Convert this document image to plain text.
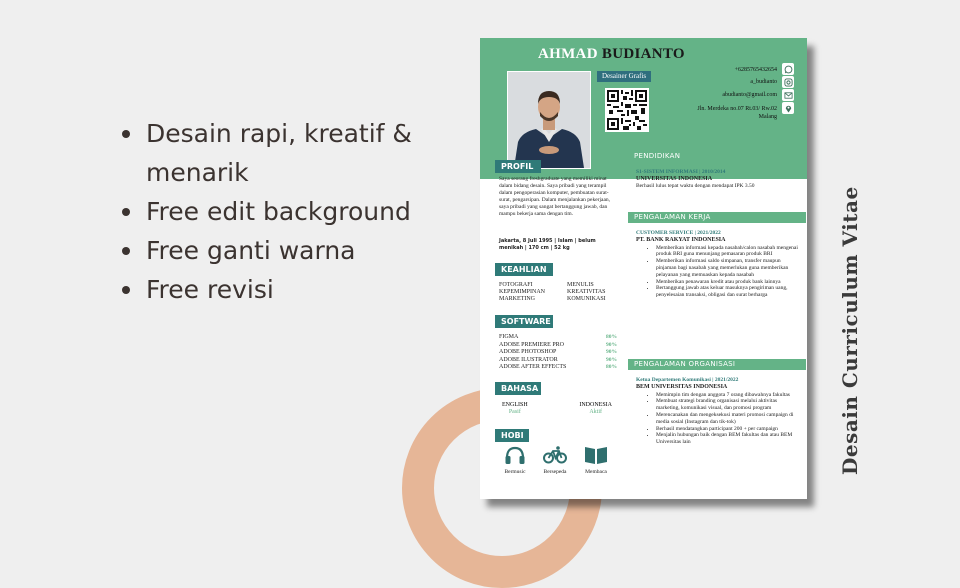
Desain rapi, kreatif & menarik
Free edit background
Free ganti warna
Free revisi	Desain Curriculum Vitae
AHMAD BUDIANTO
Desainer Grafis
+6285765432654
a_budianto
abudianto@gmail.com
Jln. Merdeka no.07 Rt.03/ Rw.02 Malang
PROFIL
Saya seorang freshgraduate yang memiliki minat dalam bidang desain. Saya pribadi yang terampil dalam pengoperasian komputer, pembuatan surat-surat, pengarsipan. Dalam menjalankan pekerjaan, saya pribadi yang sangat bertanggung jawab, dan mampu bekerja sama dengan tim.
Jakarta, 8 Juli 1995 | Islam | belum menikah | 170 cm | 52 kg
KEAHLIAN
FOTOGRAFI	MENULIS
KEPEMIMPINAN	KREATIVITAS
MARKETING	KOMUNIKASI
SOFTWARE
FIGMA	80%
ADOBE PREMIERE PRO	90%
ADOBE PHOTOSHOP	90%
ADOBE ILUSTRATOR	90%
ADOBE AFTER EFFECTS	80%
BAHASA
ENGLISH
Pasif
INDONESIA
Aktif
HOBI
Bermusic	Bersepeda	Membaca
PENDIDIKAN
S1-SISTEM INFORMASI | 2010/2014
UNIVERSITAS INDONESIA
Berhasil lulus tepat waktu dengan mendapat IPK 3.50
PENGALAMAN KERJA
CUSTOMER SERVICE | 2021/2022
PT. BANK RAKYAT INDONESIA
• Memberikan informasi kepada nasabah/calon nasabah mengenai produk BRI guna menunjang pemasaran produk BRI
• Memberikan informasi saldo simpanan, transfer maupun pinjaman bagi nasabah yang memerlukan guna memberikan pelayanan yang memuaskan kepada nasabah
• Memberikan penawaran kredit atau produk bank lainnya
• Bertanggung jawab atas keluar masuknya pengiriman uang, penyelesaian transaksi, obligasi dan surat berharga
PENGALAMAN ORGANISASI
Ketua Departemen Komunikasi | 2021/2022
BEM UNIVERSITAS INDONESIA
• Memimpin tim dengan anggota 7 orang dibawahnya fakultas
• Membuat strategi branding organisasi melalui aktivitas marketing, komunikasi visual, dan promosi program
• Merencanakan dan mengeksekusi materi promosi campaign di media sosial (Instagram dan tik-tok)
• Berhasil mendatangkan participant 200 + per campaign
• Menjalin hubungan baik dengan BEM fakultas dan atau BEM Universitas lain
